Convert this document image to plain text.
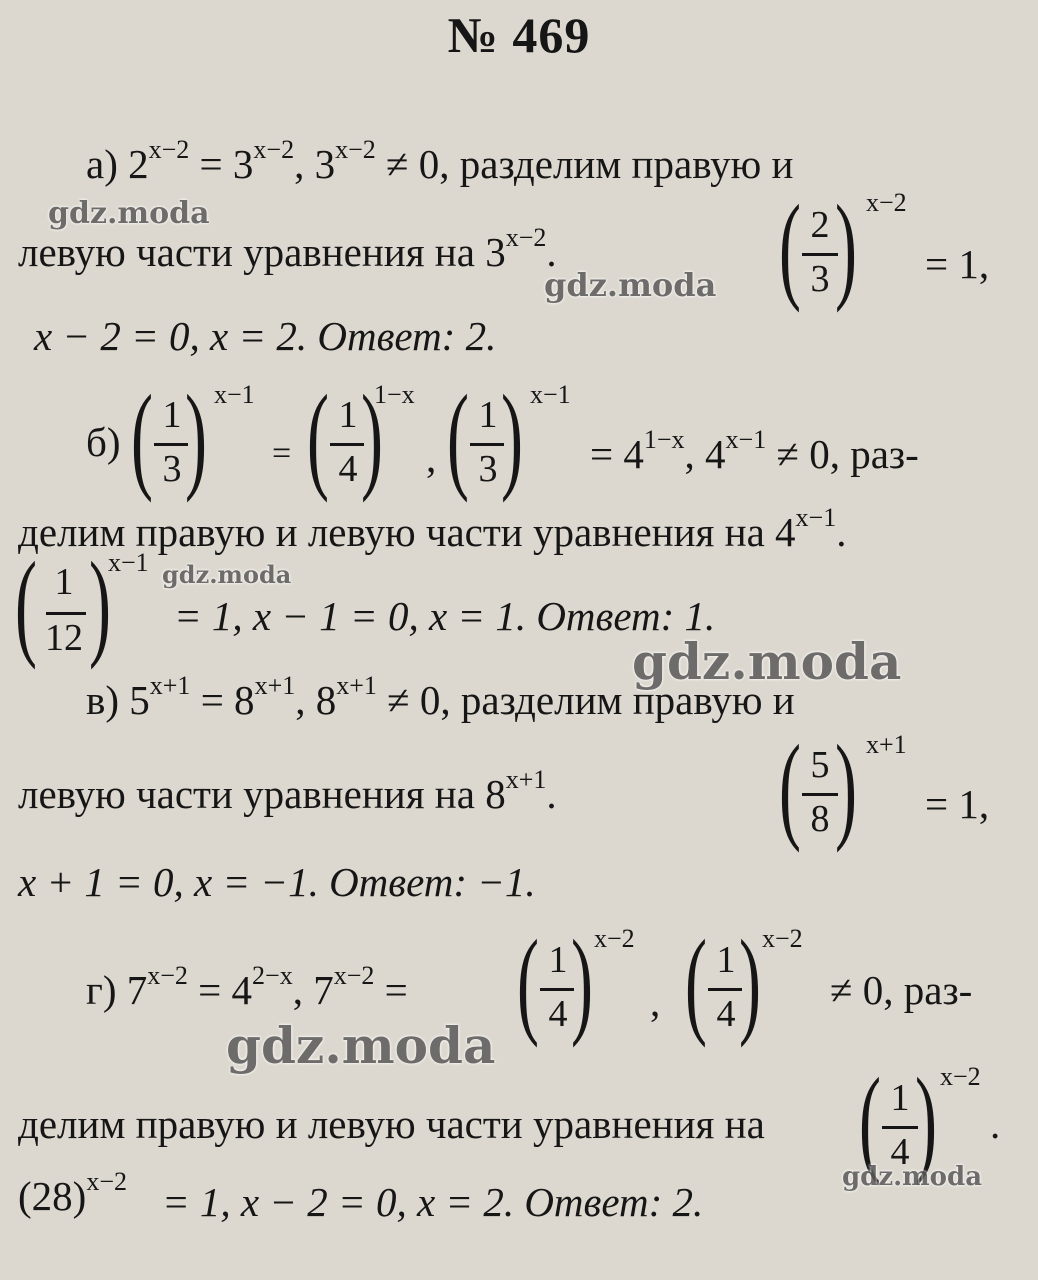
№ 469
а) $2^{x-2} = 3^{x-2}$, $3^{x-2} \ne 0$, разделим правую и
левую части уравнения на $3^{x-2}$. ( 2
3 ) x−2
= 1,
x − 2 = 0, x = 2. Ответ: 2.
б) ( 1
3 ) x−1
= ( 1
4 )
1−x
, ( 1
3 ) x−1
= $4^{1-x}$, $4^{x-1} \ne 0$, раз-
делим правую и левую части уравнения на $4^{x-1}$.
( 1
12 )
x−1
= 1, x − 1 = 0, x = 1. Ответ: 1.
в) $5^{x+1} = 8^{x+1}$, $8^{x+1} \ne 0$, разделим правую и
левую части уравнения на $8^{x+1}$. ( 5
8 ) x+1
= 1,
x + 1 = 0, x = −1. Ответ: −1.
г) $7^{x-2} = 4^{2-x}$, $7^{x-2}$ = ( 1
4 ) x−2
, ( 1
4 ) x−2
≠ 0, раз-
делим правую и левую части уравнения на ( 1
4 ) x−2
.
$(28)^{x-2} = 1$, x − 2 = 0, x = 2. Ответ: 2.
gdz.moda
gdz.moda
gdz.moda
gdz.moda
gdz.moda
gdz.moda
